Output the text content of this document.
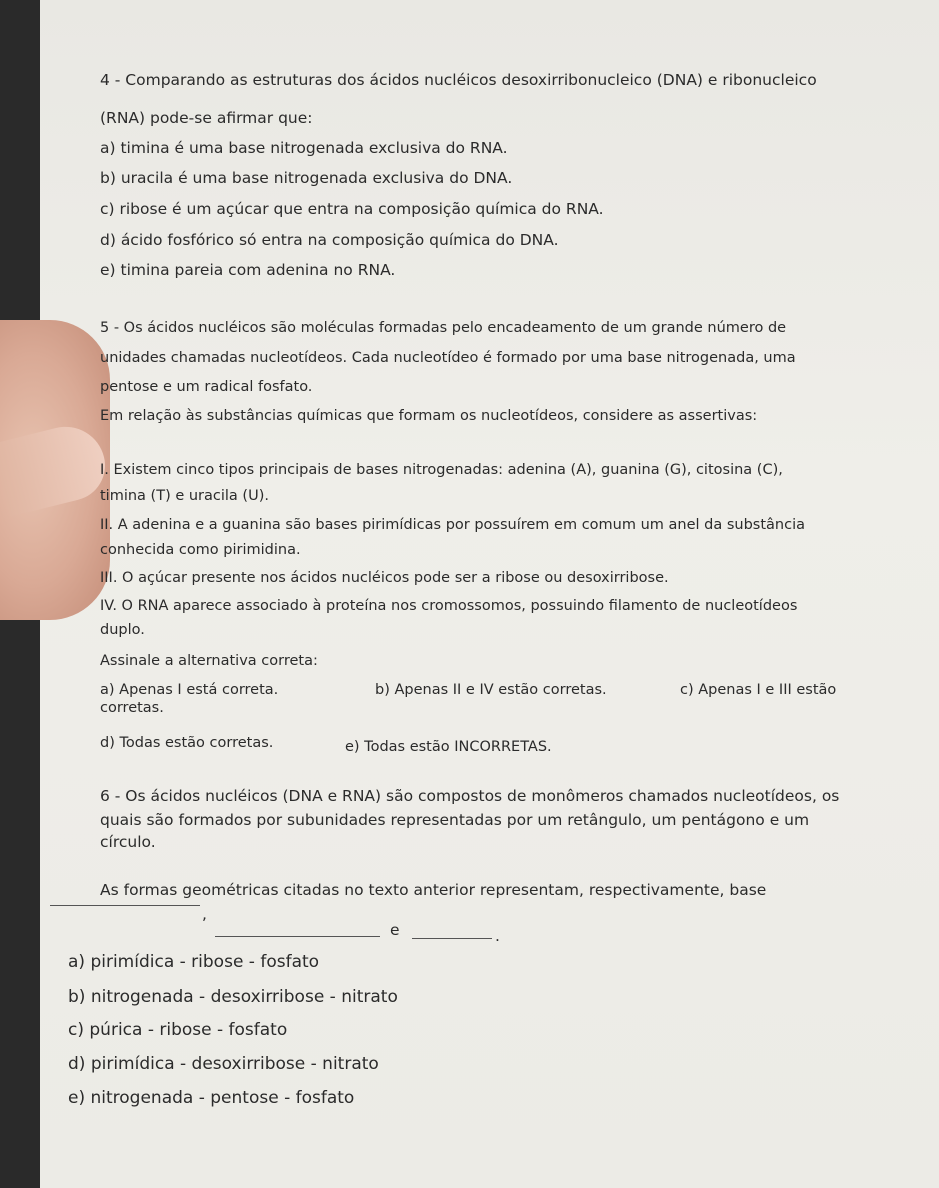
4 - Comparando as estruturas dos ácidos nucléicos desoxirribonucleico (DNA) e ribonucleico
(RNA) pode-se afirmar que:
a) timina é uma base nitrogenada exclusiva do RNA.
b) uracila é uma base nitrogenada exclusiva do DNA.
c) ribose é um açúcar que entra na composição química do RNA.
d) ácido fosfórico só entra na composição química do DNA.
e) timina pareia com adenina no RNA.
5 - Os ácidos nucléicos são moléculas formadas pelo encadeamento de um grande número de
unidades chamadas nucleotídeos. Cada nucleotídeo é formado por uma base nitrogenada, uma
pentose e um radical fosfato.
Em relação às substâncias químicas que formam os nucleotídeos, considere as assertivas:
I. Existem cinco tipos principais de bases nitrogenadas: adenina (A), guanina (G), citosina (C),
timina (T) e uracila (U).
II. A adenina e a guanina são bases pirimídicas por possuírem em comum um anel da substância
conhecida como pirimidina.
III. O açúcar presente nos ácidos nucléicos pode ser a ribose ou desoxirribose.
IV. O RNA aparece associado à proteína nos cromossomos, possuindo filamento de nucleotídeos
duplo.
Assinale a alternativa correta:
a) Apenas I está correta.	b) Apenas II e IV estão corretas.	c) Apenas I e III estão
corretas.
d) Todas estão corretas.	e) Todas estão INCORRETAS.
6 - Os ácidos nucléicos (DNA e RNA) são compostos de monômeros chamados nucleotídeos, os
quais são formados por subunidades representadas por um retângulo, um pentágono e um
círculo.
As formas geométricas citadas no texto anterior representam, respectivamente, base
,
e	.
a) pirimídica - ribose - fosfato
b) nitrogenada - desoxirribose - nitrato
c) púrica - ribose - fosfato
d) pirimídica - desoxirribose - nitrato
e) nitrogenada - pentose - fosfato
